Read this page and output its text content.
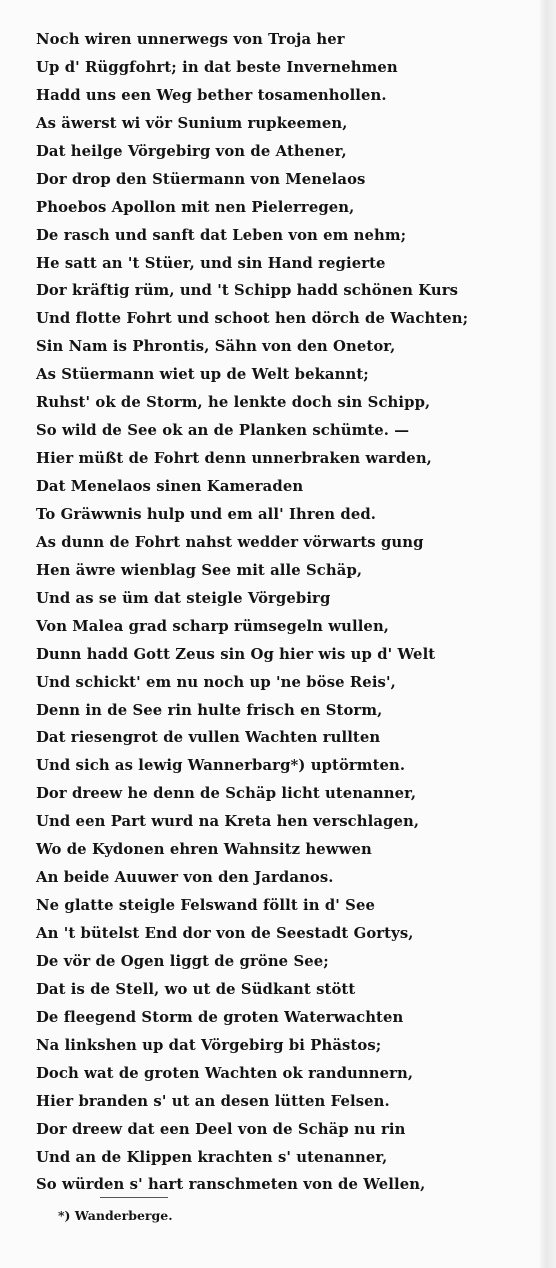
Noch wiren unnerwegs von Troja her
Up d' Rüggfohrt; in dat beste Invernehmen
Hadd uns een Weg bether tosamenhollen.
As äwerst wi vör Sunium rupkeemen,
Dat heilge Vörgebirg von de Athener,
Dor drop den Stüermann von Menelaos
Phoebos Apollon mit nen Pielerregen,
De rasch und sanft dat Leben von em nehm;
He satt an 't Stüer, und sin Hand regierte
Dor kräftig rüm, und 't Schipp hadd schönen Kurs
Und flotte Fohrt und schoot hen dörch de Wachten;
Sin Nam is Phrontis, Sähn von den Onetor,
As Stüermann wiet up de Welt bekannt;
Ruhst' ok de Storm, he lenkte doch sin Schipp,
So wild de See ok an de Planken schümte. —
Hier müßt de Fohrt denn unnerbraken warden,
Dat Menelaos sinen Kameraden
To Gräwwnis hulp und em all' Ihren ded.
As dunn de Fohrt nahst wedder vörwarts gung
Hen äwre wienblag See mit alle Schäp,
Und as se üm dat steigle Vörgebirg
Von Malea grad scharp rümsegeln wullen,
Dunn hadd Gott Zeus sin Og hier wis up d' Welt
Und schickt' em nu noch up 'ne böse Reis',
Denn in de See rin hulte frisch en Storm,
Dat riesengrot de vullen Wachten rullten
Und sich as lewig Wannerbarg*) uptörmten.
Dor dreew he denn de Schäp licht utenanner,
Und een Part wurd na Kreta hen verschlagen,
Wo de Kydonen ehren Wahnsitz hewwen
An beide Auuwer von den Jardanos.
Ne glatte steigle Felswand föllt in d' See
An 't bütelst End dor von de Seestadt Gortys,
De vör de Ogen liggt de gröne See;
Dat is de Stell, wo ut de Südkant stött
De fleegend Storm de groten Waterwachten
Na linkshen up dat Vörgebirg bi Phästos;
Doch wat de groten Wachten ok randunnern,
Hier branden s' ut an desen lütten Felsen.
Dor dreew dat een Deel von de Schäp nu rin
Und an de Klippen krachten s' utenanner,
So würden s' hart ranschmeten von de Wellen,
*) Wanderberge.
